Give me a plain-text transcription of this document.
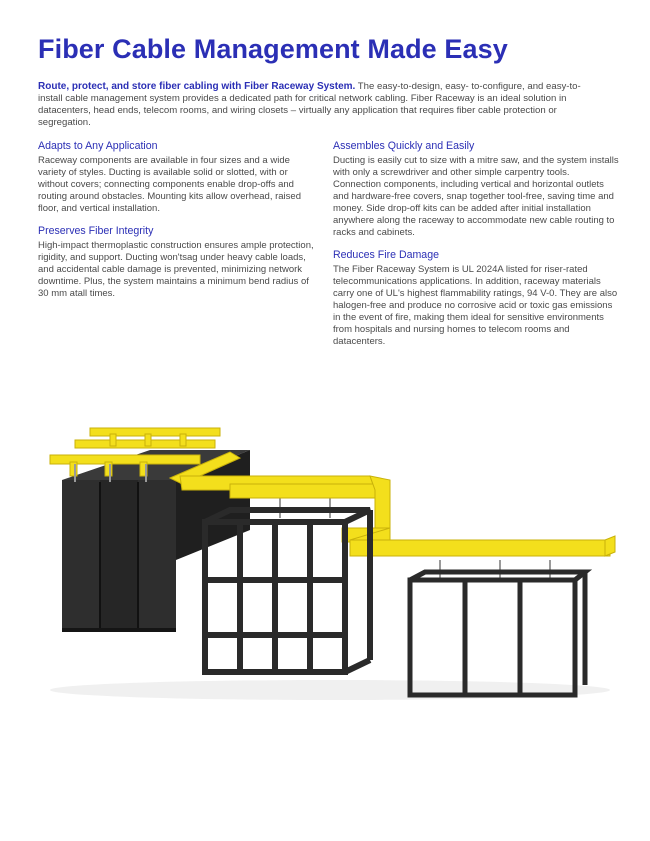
Fiber Cable Management Made Easy

Route, protect, and store fiber cabling with Fiber Raceway System. The easy-to-design, easy- to-configure, and easy-to-install cable management system provides a dedicated path for critical network cabling. Fiber Raceway is an ideal solution in datacenters, head ends, telecom rooms, and wiring closets – virtually any application that requires fiber cable protection or segregation.

Adapts to Any Application

Raceway components are available in four sizes and a wide variety of styles. Ducting is available solid or slotted, with or without covers; connecting components enable drop-offs and routing around obstacles. Mounting kits allow overhead, raised floor, and vertical installation.

Preserves Fiber Integrity

High-impact thermoplastic construction ensures ample protection, rigidity, and support. Ducting won'tsag under heavy cable loads, and accidental cable damage is prevented, minimizing network downtime. Plus, the system maintains a minimum bend radius of 30 mm atall times.

Assembles Quickly and Easily

Ducting is easily cut to size with a mitre saw, and the system installs with only a screwdriver and other simple carpentry tools. Connection components, including vertical and horizontal outlets and hardware-free covers, snap together tool-free, saving time and money. Side drop-off kits can be added after initial installation anywhere along the raceway to accommodate new cable routing to racks and cabinets.

Reduces Fire Damage

The Fiber Raceway System is UL 2024A listed for riser-rated telecommunications applications. In addition, raceway materials carry one of UL's highest flammability ratings, 94 V-0. They are also halogen-free and produce no corrosive acid or toxic gas emissions in the event of fire, making them ideal for sensitive environments from hospitals and nursing homes to telecom rooms and datacenters.
